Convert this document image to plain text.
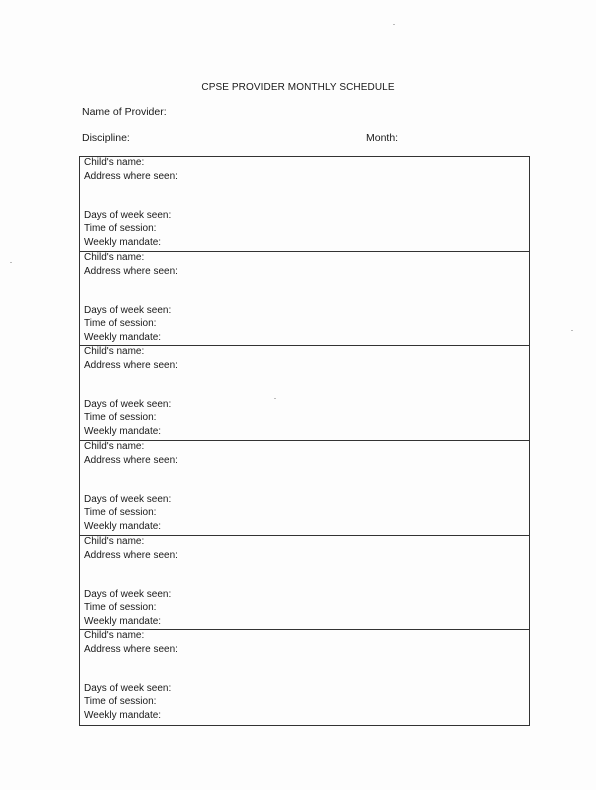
CPSE PROVIDER MONTHLY SCHEDULE
Name of Provider:
Discipline:	Month:
Child's name:
Address where seen:
Days of week seen:
Time of session:
Weekly mandate:
Child's name:
Address where seen:
Days of week seen:
Time of session:
Weekly mandate:
Child's name:
Address where seen:
Days of week seen:
Time of session:
Weekly mandate:
Child's name:
Address where seen:
Days of week seen:
Time of session:
Weekly mandate:
Child's name:
Address where seen:
Days of week seen:
Time of session:
Weekly mandate:
Child's name:
Address where seen:
Days of week seen:
Time of session:
Weekly mandate:
